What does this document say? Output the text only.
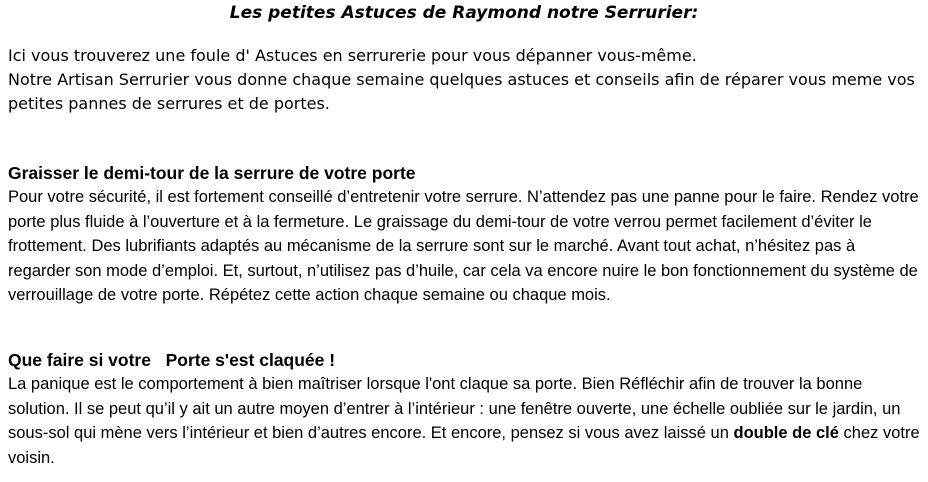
Les petites Astuces de Raymond notre Serrurier:
Ici vous trouverez une foule d' Astuces en serrurerie pour vous dépanner vous-même.
Notre Artisan Serrurier vous donne chaque semaine quelques astuces et conseils afin de réparer vous meme vos petites pannes de serrures et de portes.
Graisser le demi-tour de la serrure de votre porte

Pour votre sécurité, il est fortement conseillé d’entretenir votre serrure. N’attendez pas une panne pour le faire. Rendez votre porte plus fluide à l’ouverture et à la fermeture. Le graissage du demi-tour de votre verrou permet facilement d’éviter le frottement. Des lubrifiants adaptés au mécanisme de la serrure sont sur le marché. Avant tout achat, n’hésitez pas à regarder son mode d’emploi. Et, surtout, n’utilisez pas d’huile, car cela va encore nuire le bon fonctionnement du système de verrouillage de votre porte. Répétez cette action chaque semaine ou chaque mois.

Que faire si votre Porte s'est claquée !

La panique est le comportement à bien maîtriser lorsque l'ont claque sa porte. Bien Réfléchir afin de trouver la bonne solution. Il se peut qu’il y ait un autre moyen d’entrer à l’intérieur : une fenêtre ouverte, une échelle oubliée sur le jardin, un sous-sol qui mène vers l’intérieur et bien d’autres encore. Et encore, pensez si vous avez laissé un double de clé chez votre voisin.
